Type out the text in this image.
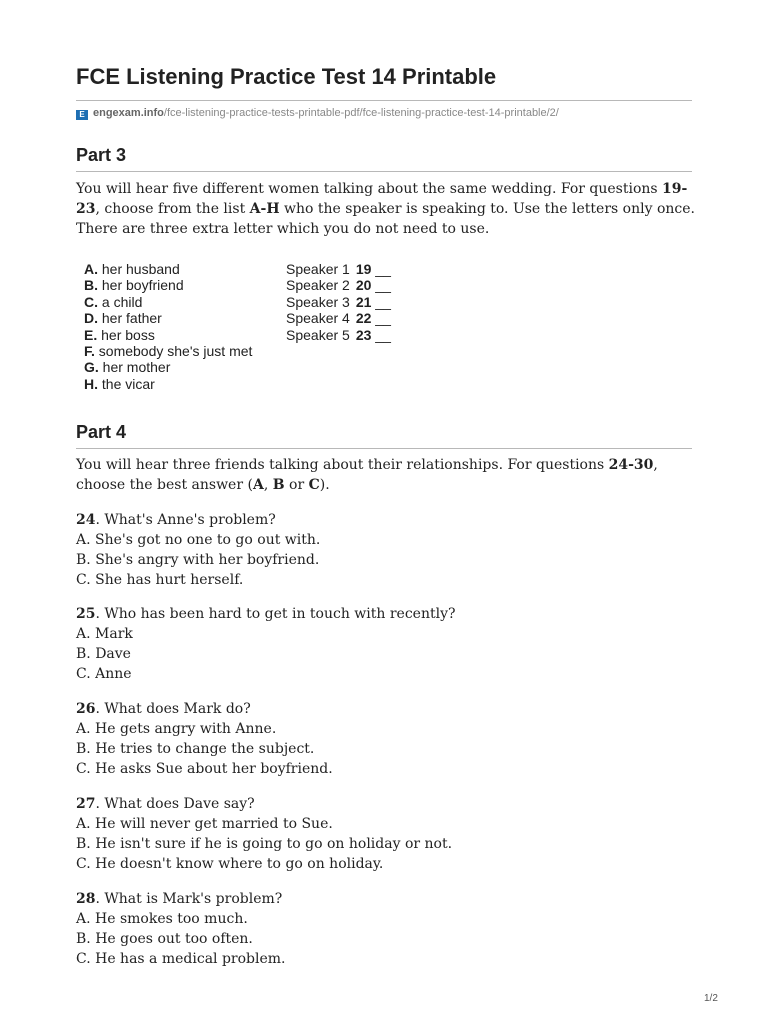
FCE Listening Practice Test 14 Printable
E engexam.info/fce-listening-practice-tests-printable-pdf/fce-listening-practice-test-14-printable/2/
Part 3

You will hear five different women talking about the same wedding. For questions 19-23, choose from the list A-H who the speaker is speaking to. Use the letters only once. There are three extra letter which you do not need to use.

A. her husband
B. her boyfriend
C. a child
D. her father
E. her boss
F. somebody she's just met
G. her mother
H. the vicar
Speaker 1 19 __
Speaker 2 20 __
Speaker 3 21 __
Speaker 4 22 __
Speaker 5 23 __
Part 4

You will hear three friends talking about their relationships. For questions 24-30, choose the best answer (A, B or C).

24. What's Anne's problem?
A. She's got no one to go out with.
B. She's angry with her boyfriend.
C. She has hurt herself.
25. Who has been hard to get in touch with recently?
A. Mark
B. Dave
C. Anne
26. What does Mark do?
A. He gets angry with Anne.
B. He tries to change the subject.
C. He asks Sue about her boyfriend.
27. What does Dave say?
A. He will never get married to Sue.
B. He isn't sure if he is going to go on holiday or not.
C. He doesn't know where to go on holiday.
28. What is Mark's problem?
A. He smokes too much.
B. He goes out too often.
C. He has a medical problem.
1/2
